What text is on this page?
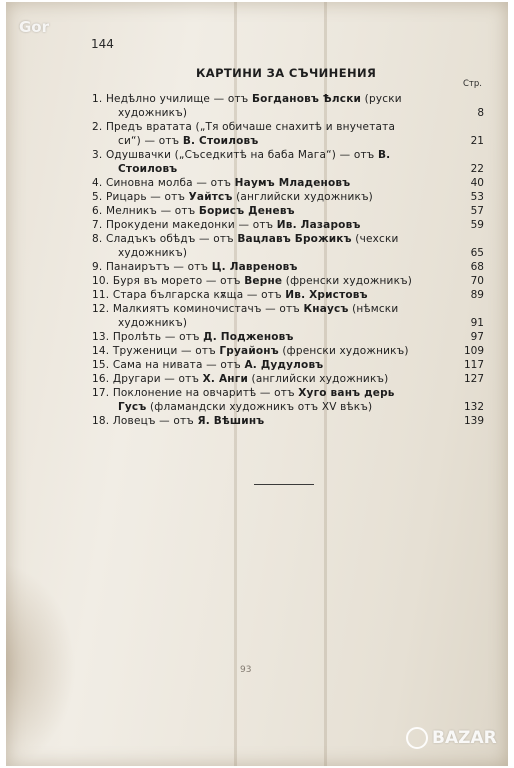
Gor
144
КАРТИНИ ЗА СЪЧИНЕНИЯ
Стр.
1. Недѣлно училище — отъ Богдановъ Ѣлски (руски
художникъ)	8
2. Предъ вратата („Тя обичаше снахитѣ и внучетата
си“) — отъ В. Стоиловъ	21
3. Одушвачки („Съседкитѣ на баба Мага“) — отъ В.
Стоиловъ	22
4. Синовна молба — отъ Наумъ Младеновъ	40
5. Рицарь — отъ Уайтсъ (английски художникъ)	53
6. Мелникъ — отъ Борисъ Деневъ	57
7. Прокудени македонки — отъ Ив. Лазаровъ	59
8. Сладъкъ обѣдъ — отъ Вацлавъ Брожикъ (чехски
художникъ)	65
9. Панаирътъ — отъ Ц. Лавреновъ	68
10. Буря въ морето — отъ Верне (френски художникъ)	70
11. Стара българска кѫща — отъ Ив. Христовъ	89
12. Малкиятъ коминочистачъ — отъ Кнаусъ (нѣмски
художникъ)	91
13. Пролѣть — отъ Д. Подженовъ	97
14. Труженици — отъ Груайонъ (френски художникъ)	109
15. Сама на нивата — отъ А. Дудуловъ	117
16. Другари — отъ Х. Анги (английски художникъ)	127
17. Поклонение на овчаритѣ — отъ Хуго ванъ дерь
Гусъ (фламандски художникъ отъ XV вѣкъ)	132
18. Ловецъ — отъ Я. Вѣшинъ	139
93
BAZAR
